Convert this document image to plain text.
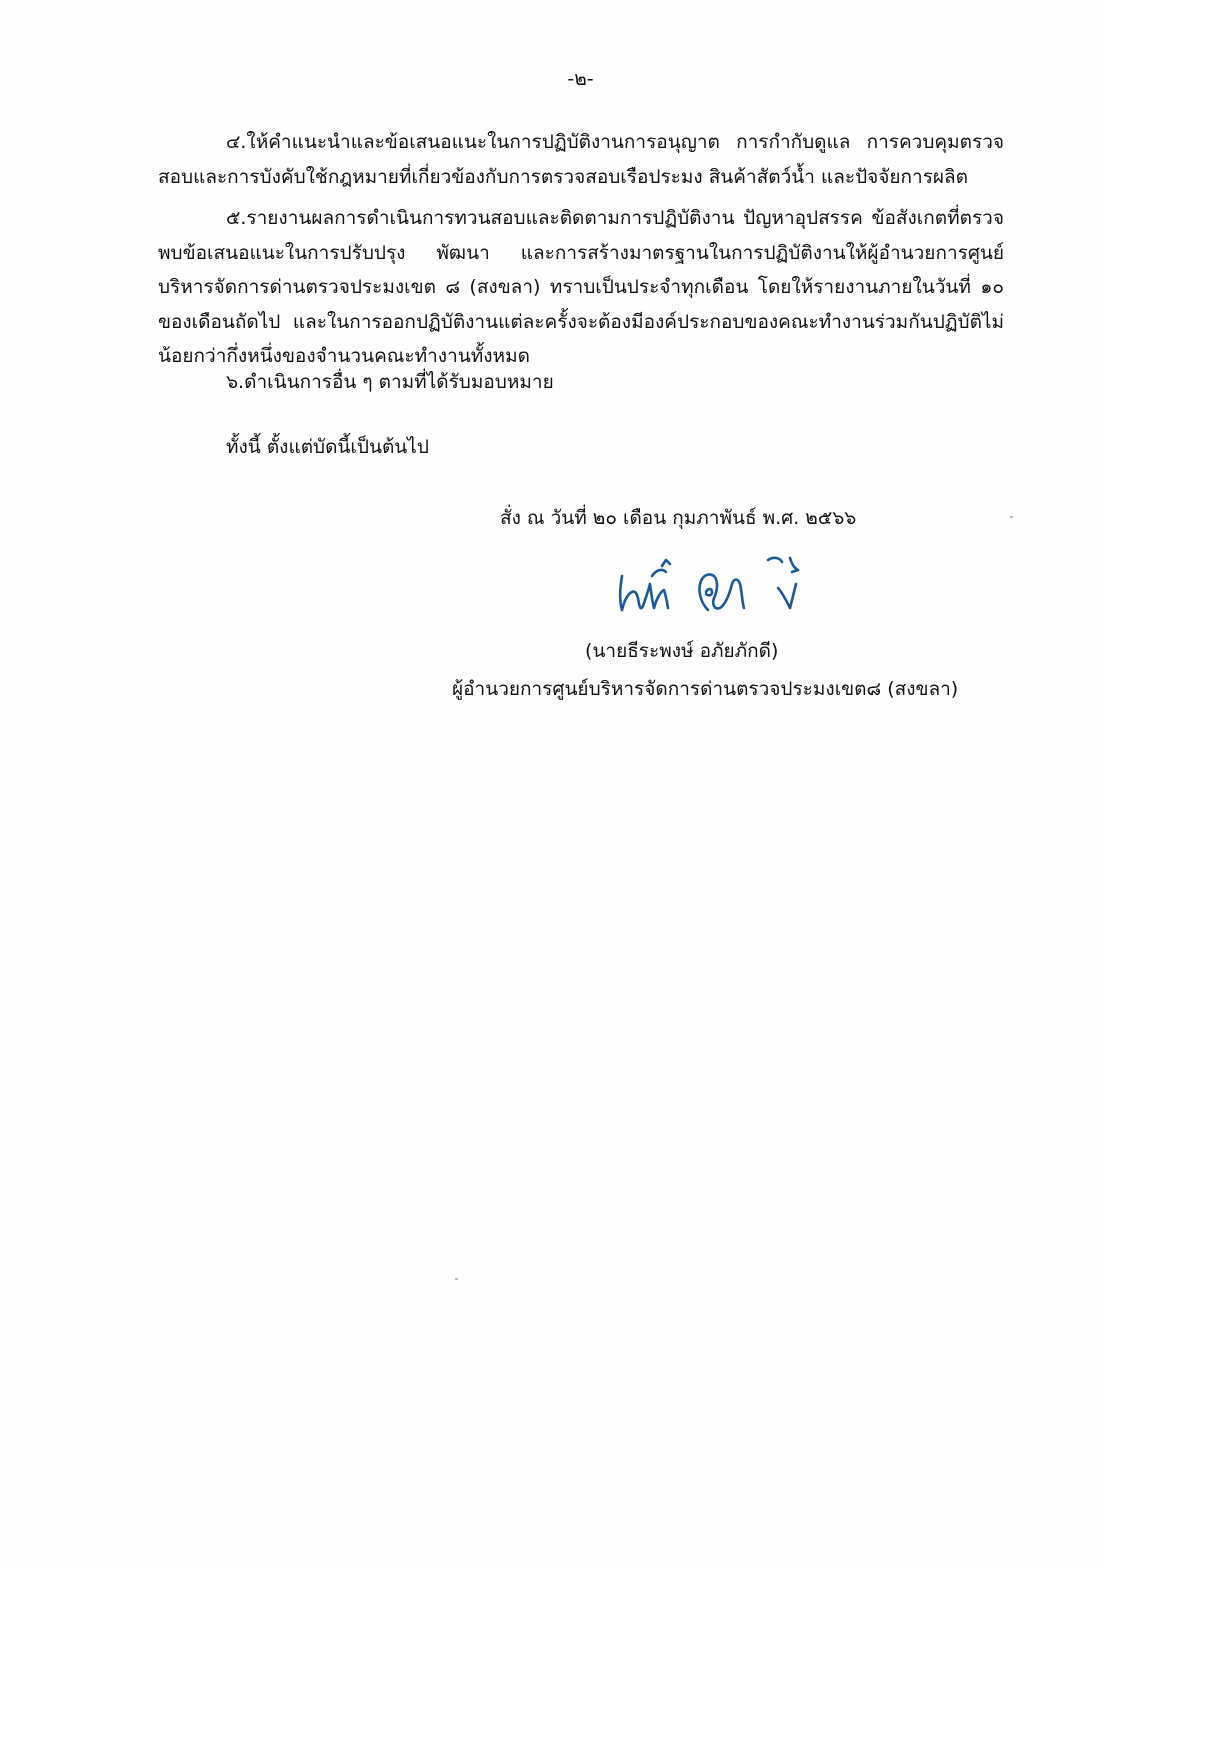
-๒-

๔.ให้คำแนะนำและข้อเสนอแนะในการปฏิบัติงานการอนุญาต การกำกับดูแล การควบคุมตรวจสอบและการบังคับใช้กฎหมายที่เกี่ยวข้องกับการตรวจสอบเรือประมง สินค้าสัตว์น้ำ และปัจจัยการผลิต

๕.รายงานผลการดำเนินการทวนสอบและติดตามการปฏิบัติงาน ปัญหาอุปสรรค ข้อสังเกตที่ตรวจพบข้อเสนอแนะในการปรับปรุง พัฒนา และการสร้างมาตรฐานในการปฏิบัติงานให้ผู้อำนวยการศูนย์บริหารจัดการด่านตรวจประมงเขต ๘ (สงขลา) ทราบเป็นประจำทุกเดือน โดยให้รายงานภายในวันที่ ๑๐ ของเดือนถัดไป และในการออกปฏิบัติงานแต่ละครั้งจะต้องมีองค์ประกอบของคณะทำงานร่วมกันปฏิบัติไม่น้อยกว่ากึ่งหนึ่งของจำนวนคณะทำงานทั้งหมด

๖.ดำเนินการอื่น ๆ ตามที่ได้รับมอบหมาย

ทั้งนี้ ตั้งแต่บัดนี้เป็นต้นไป

สั่ง ณ วันที่ ๒๐ เดือน กุมภาพันธ์ พ.ศ. ๒๕๖๖
(นายธีระพงษ์ อภัยภักดี)
ผู้อำนวยการศูนย์บริหารจัดการด่านตรวจประมงเขต๘ (สงขลา)
